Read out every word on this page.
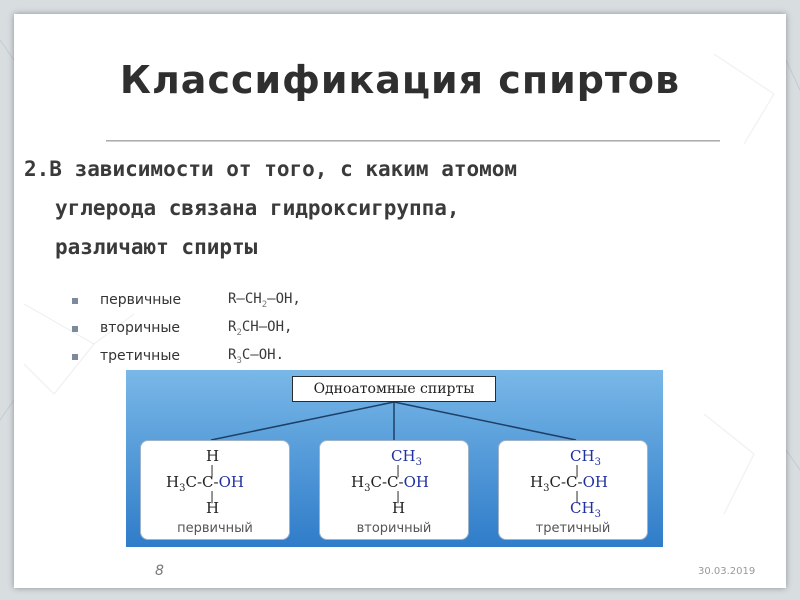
Классификация спиртов
2.В зависимости от того, с каким атомом
углерода связана гидроксигруппа,
различают спирты
первичные	$R-CH_2-OH$,
вторичные	$R_2CH-OH$,
третичные	$R_3C-OH$.
Одноатомные спирты
H
|
$H_3C-C-OH$
|
H
первичный
$CH_3$
|
$H_3C-C-OH$
|
H
вторичный
$CH_3$
|
$H_3C-C-OH$
|
$CH_3$
третичный
8	30.03.2019
